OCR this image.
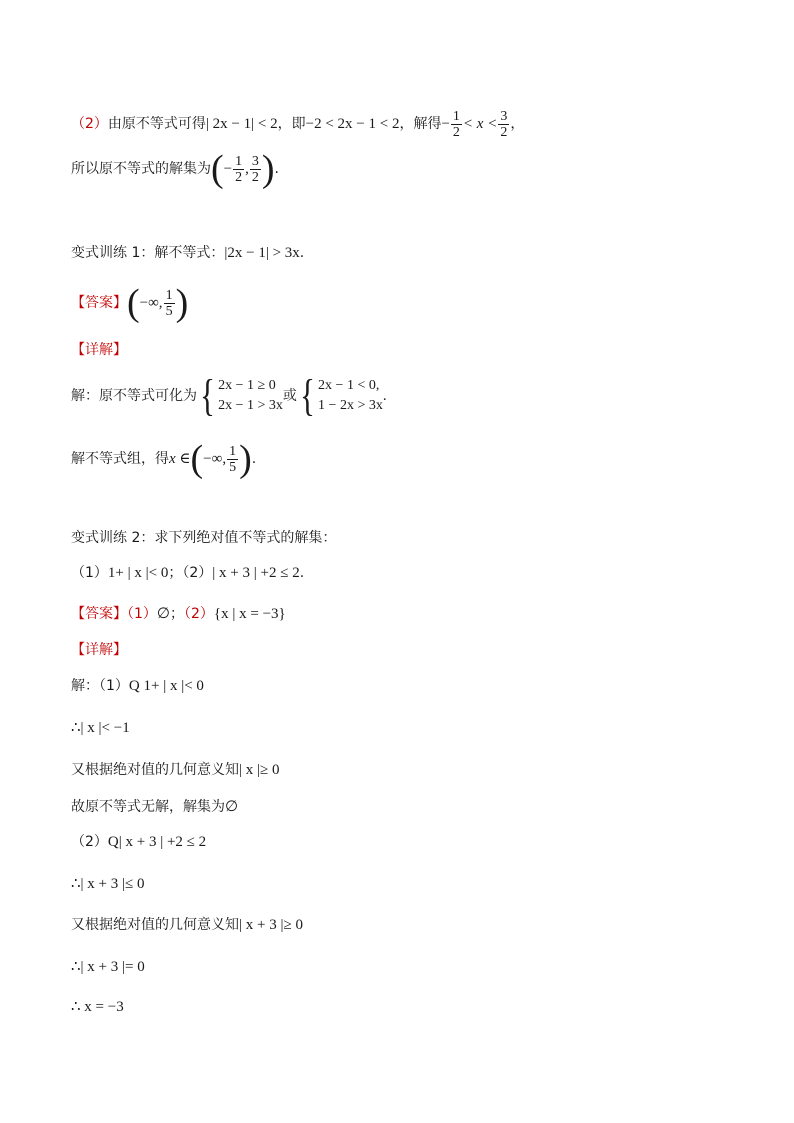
（2）由原不等式可得| 2x − 1| < 2，即−2 < 2x − 1 < 2，解得− $\frac{1}{2} < x < \frac{3}{2}$ ，
所以原不等式的解集为(− $\frac{1}{2}$ , $\frac{3}{2}$ ).
变式训练 1：解不等式：|2x − 1| > 3x.
【答案】(−∞, $\frac{1}{5}$ )
【详解】
解：原不等式可化为{ 2x − 1 ≥ 0
2x − 1 > 3x
或{ 2x − 1 < 0,
1 − 2x > 3x
.
解不等式组，得x ∈(−∞, $\frac{1}{5}$ ).
变式训练 2：求下列绝对值不等式的解集：
（1）1+ | x |< 0；（2）| x + 3 | +2 ≤ 2.
【答案】（1）∅；（2）{x | x = −3}
【详解】
解：（1）Q 1+ | x |< 0
∴| x |< −1
又根据绝对值的几何意义知| x |≥ 0
故原不等式无解，解集为∅
（2）Q| x + 3 | +2 ≤ 2
∴| x + 3 |≤ 0
又根据绝对值的几何意义知| x + 3 |≥ 0
∴| x + 3 |= 0
∴ x = −3
